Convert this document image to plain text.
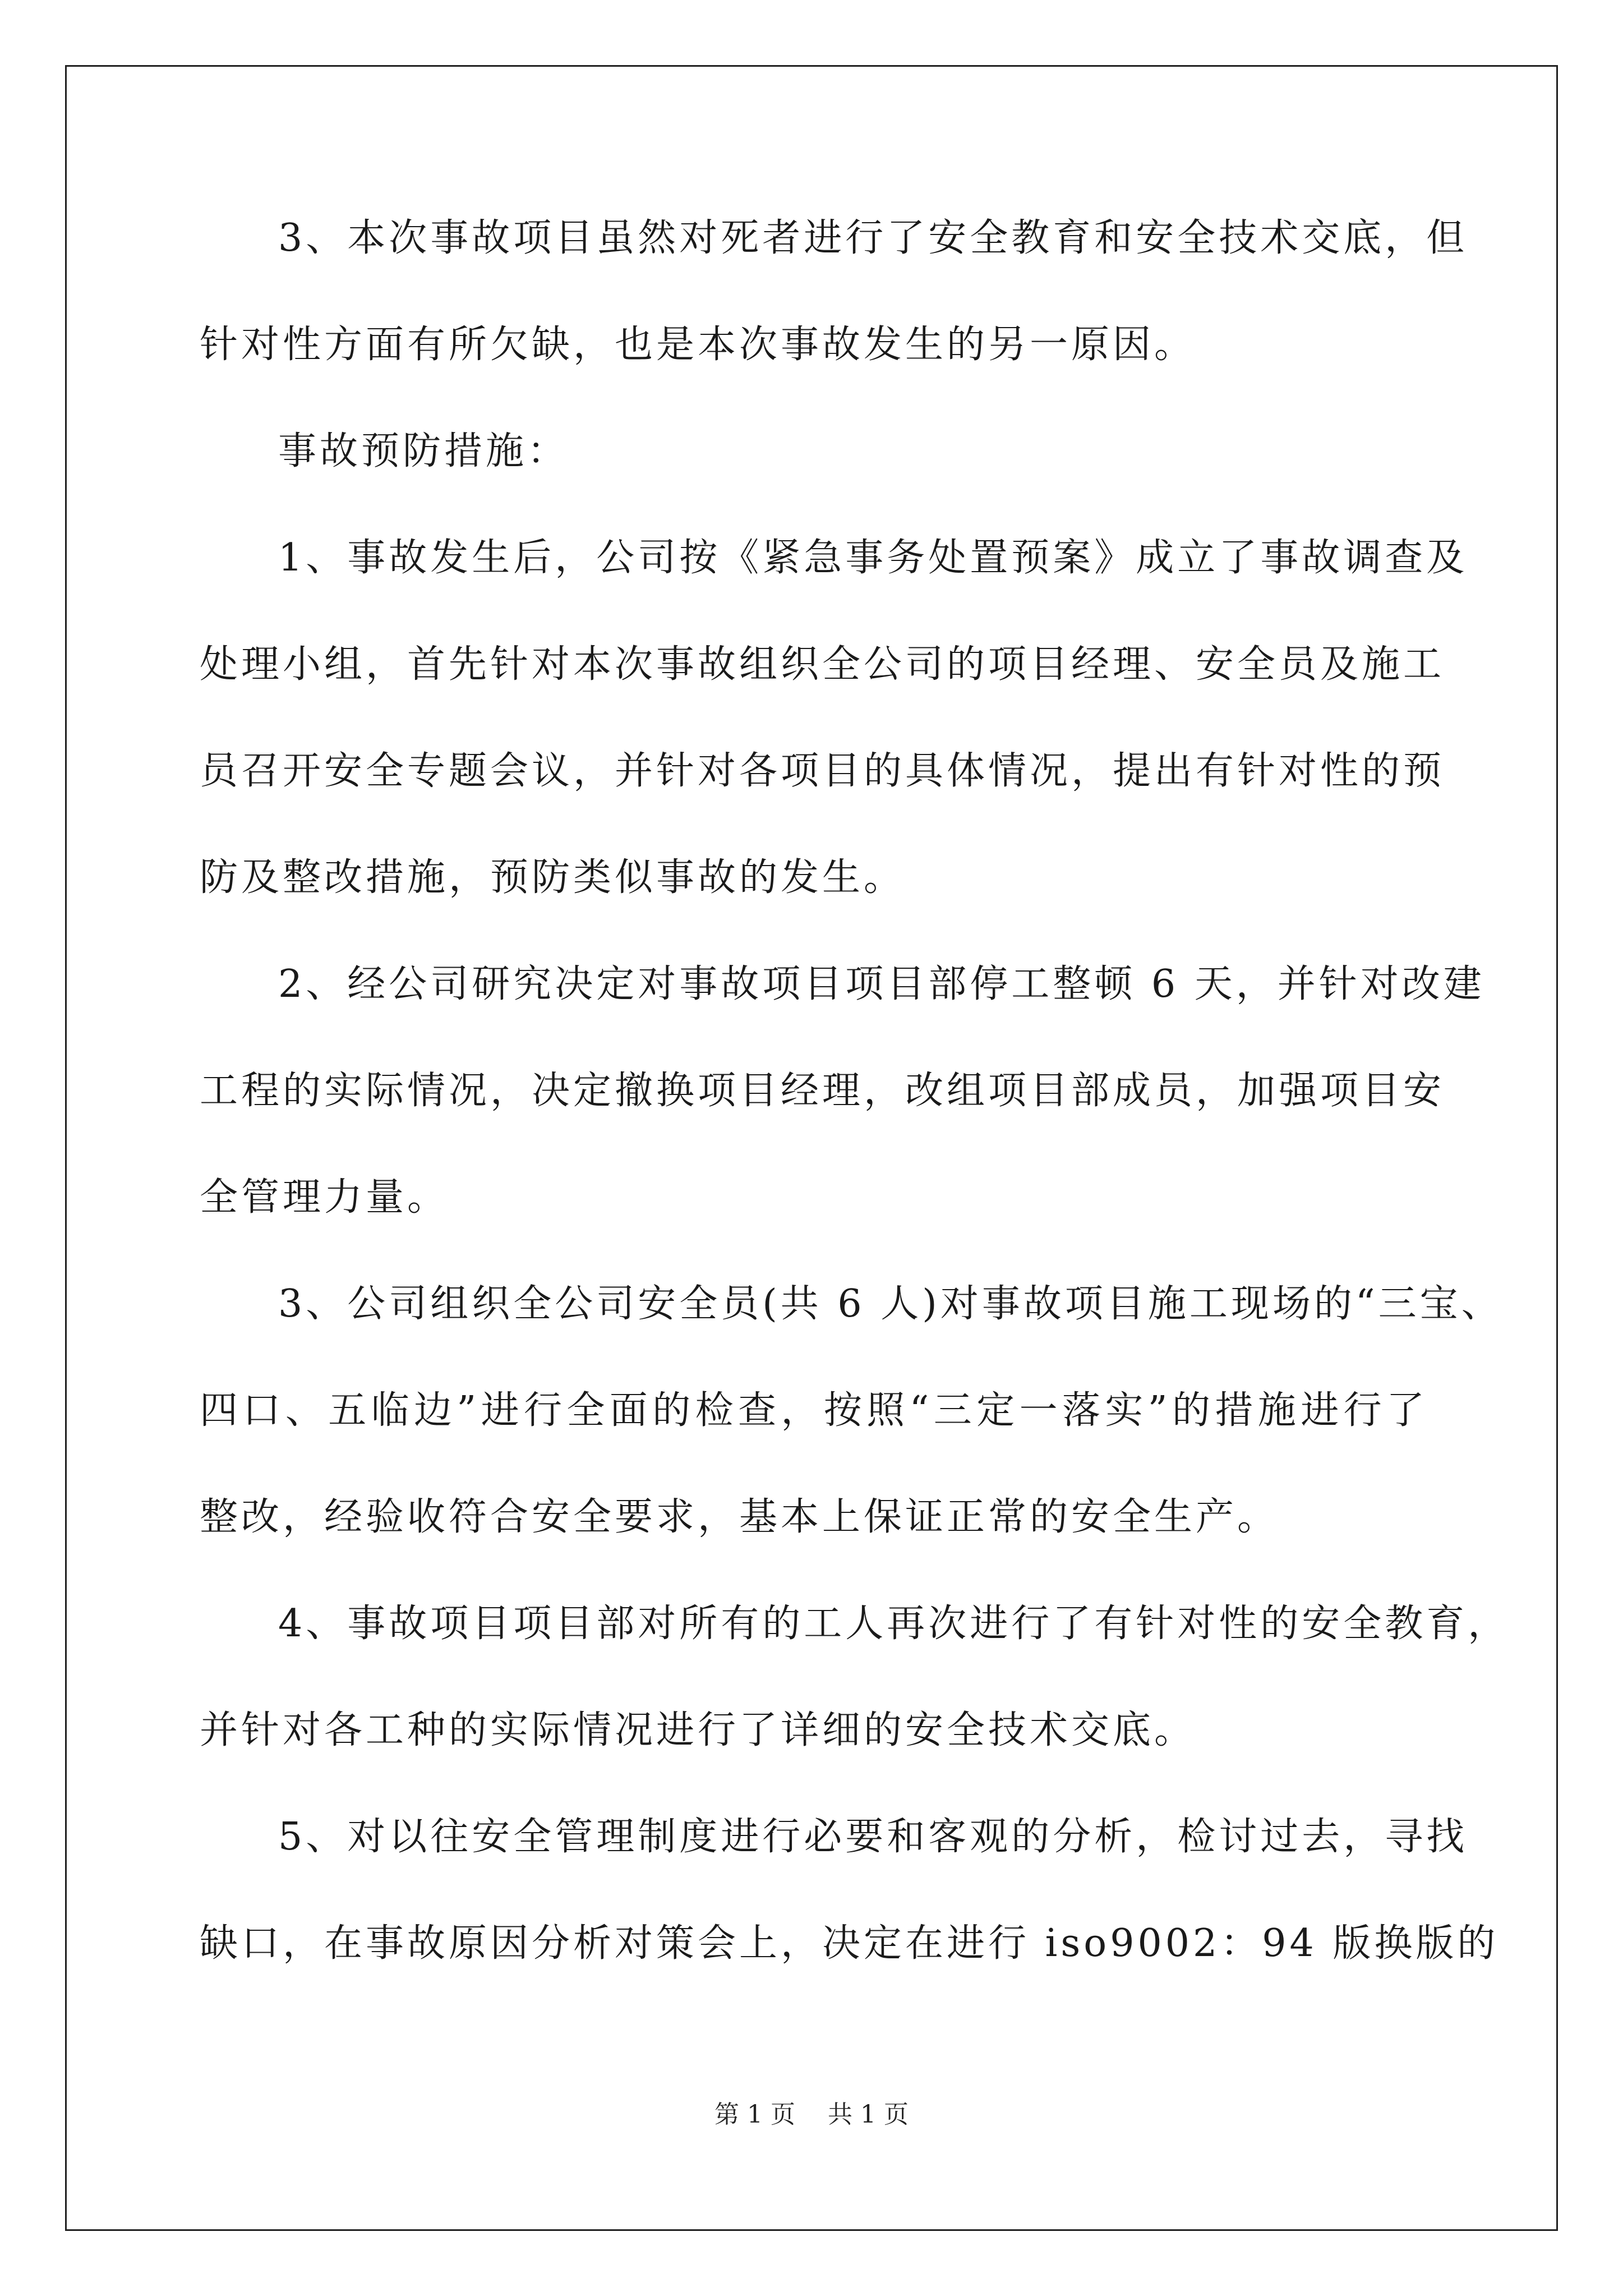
3、本次事故项目虽然对死者进行了安全教育和安全技术交底，但
针对性方面有所欠缺，也是本次事故发生的另一原因。
事故预防措施：
1、事故发生后，公司按《紧急事务处置预案》成立了事故调查及
处理小组，首先针对本次事故组织全公司的项目经理、安全员及施工
员召开安全专题会议，并针对各项目的具体情况，提出有针对性的预
防及整改措施，预防类似事故的发生。
2、经公司研究决定对事故项目项目部停工整顿 6 天，并针对改建
工程的实际情况，决定撤换项目经理，改组项目部成员，加强项目安
全管理力量。
3、公司组织全公司安全员(共 6 人)对事故项目施工现场的“三宝、
四口、五临边”进行全面的检查，按照“三定一落实”的措施进行了
整改，经验收符合安全要求，基本上保证正常的安全生产。
4、事故项目项目部对所有的工人再次进行了有针对性的安全教育，
并针对各工种的实际情况进行了详细的安全技术交底。
5、对以往安全管理制度进行必要和客观的分析，检讨过去，寻找
缺口，在事故原因分析对策会上，决定在进行 iso9002：94 版换版的
第 1 页　 共 1 页
